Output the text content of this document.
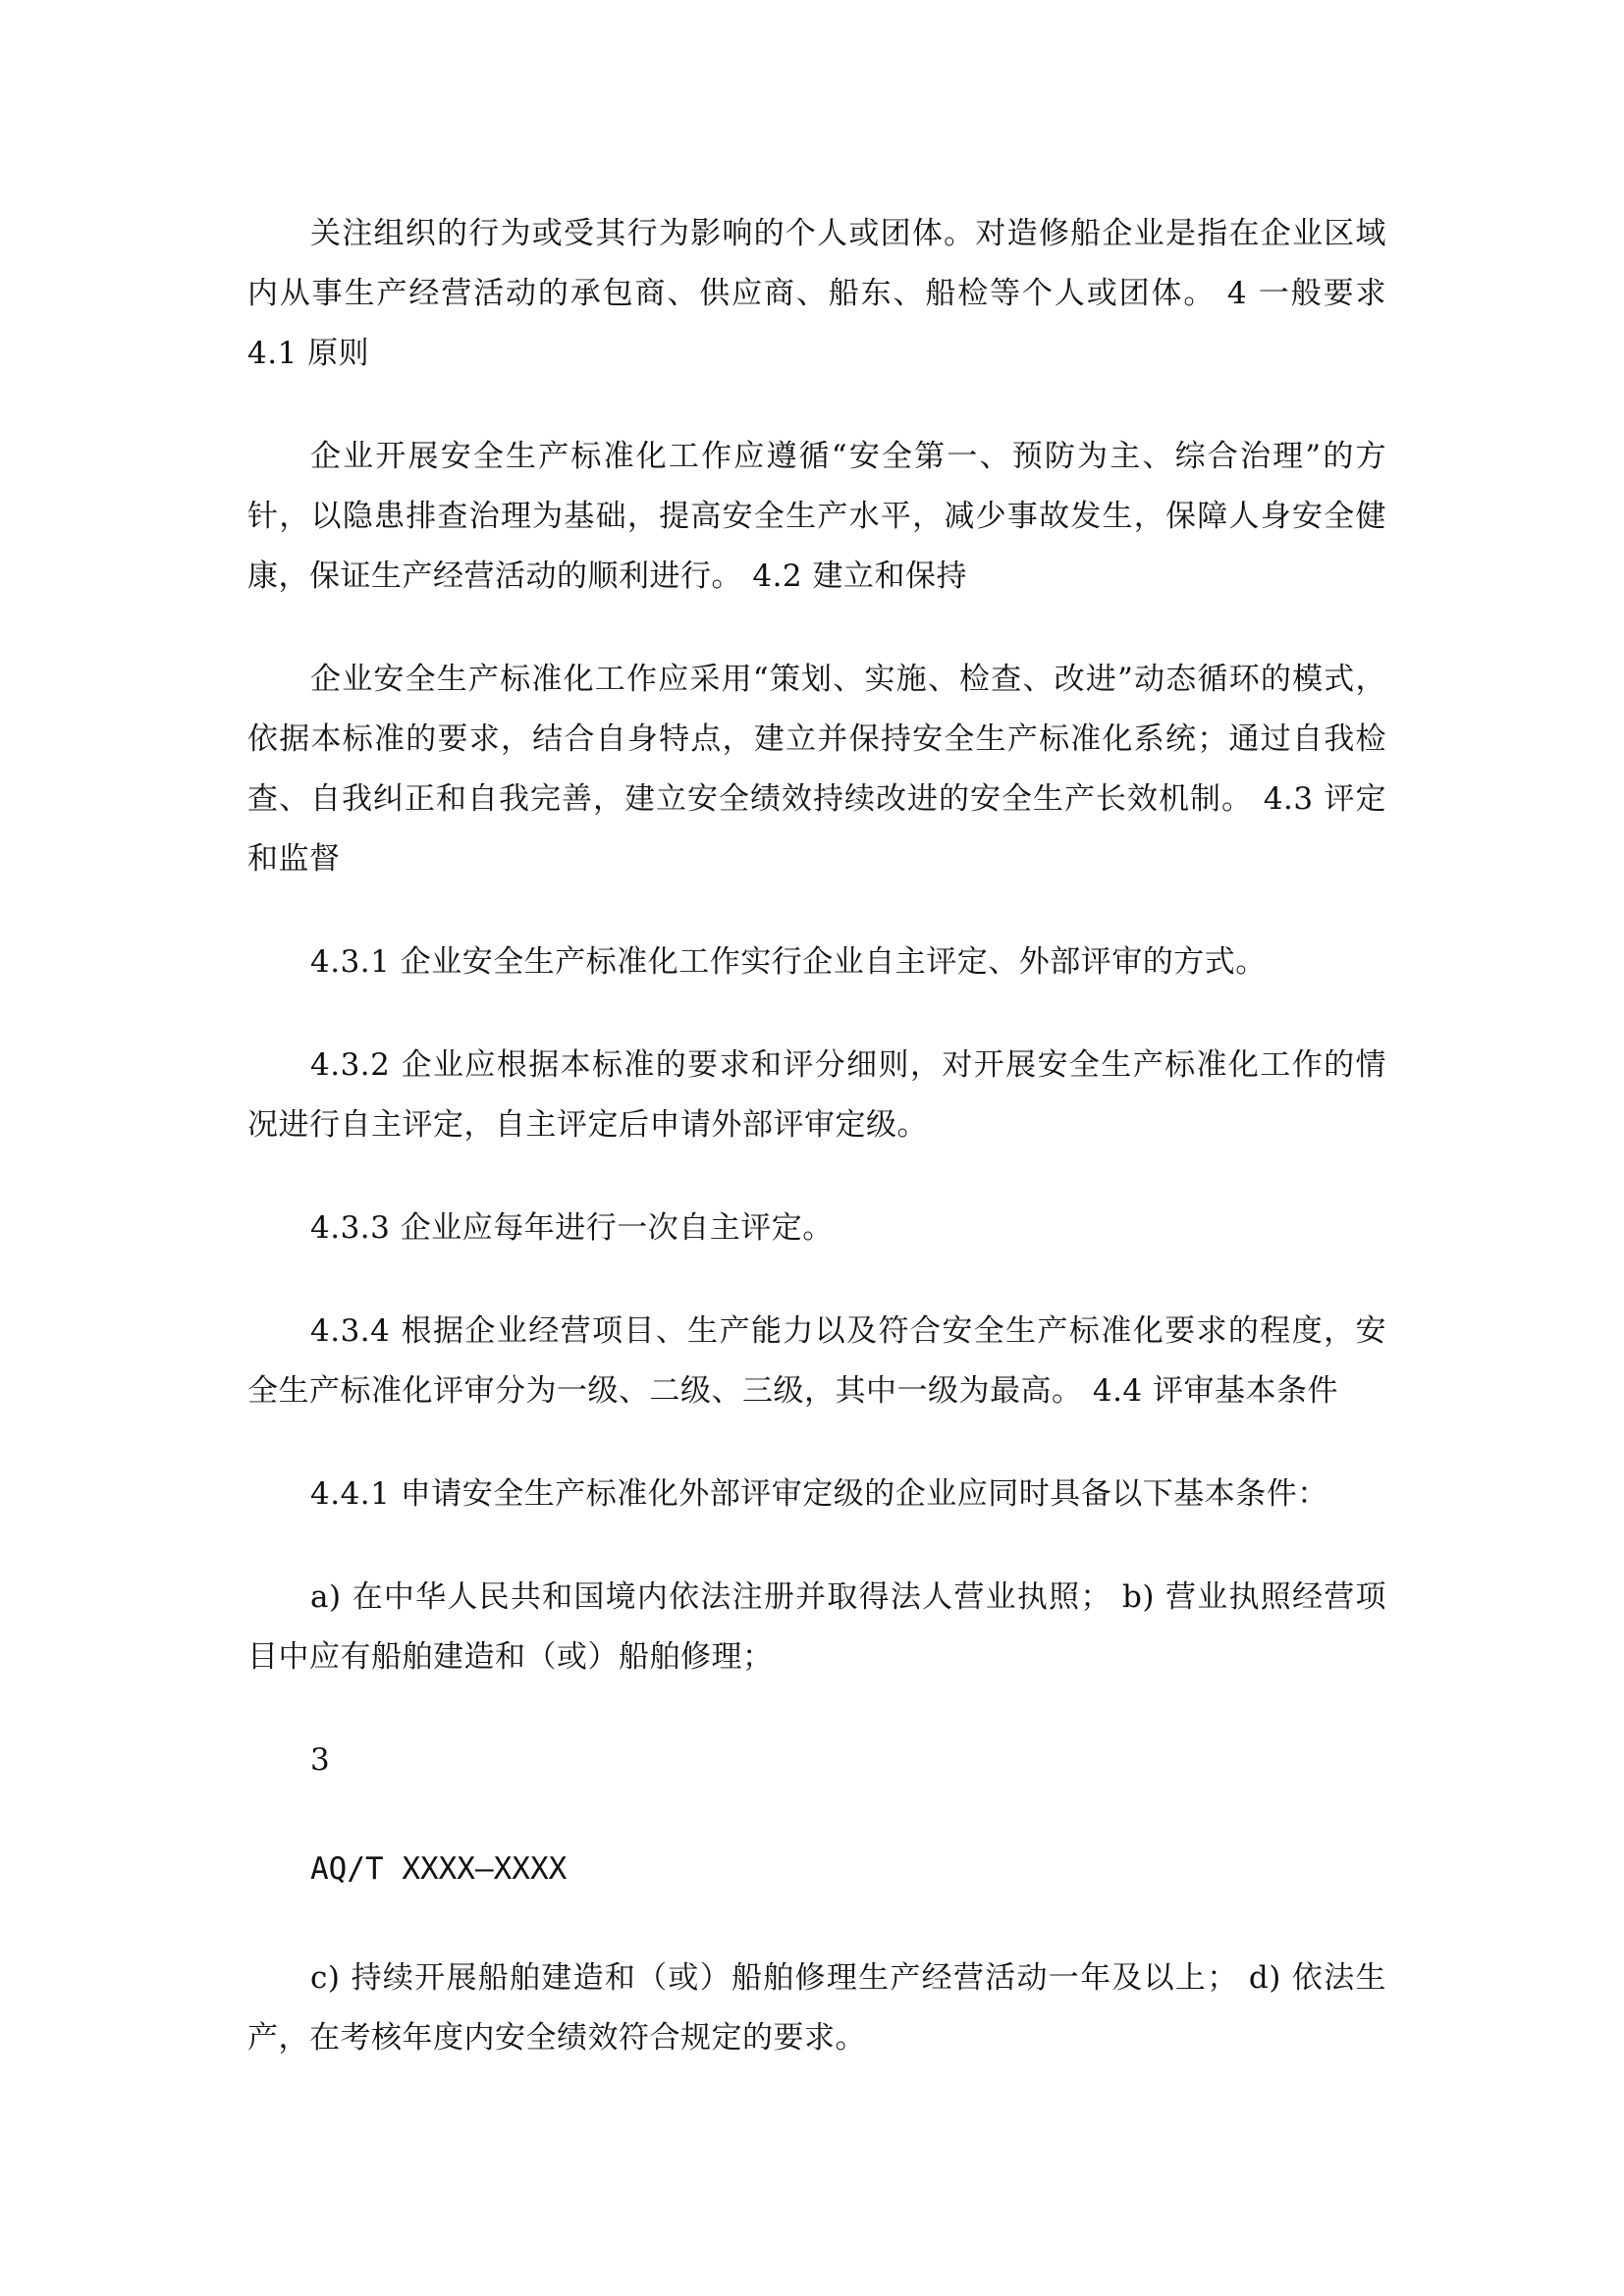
关注组织的行为或受其行为影响的个人或团体。对造修船企业是指在企业区域内从事生产经营活动的承包商、供应商、船东、船检等个人或团体。 4 一般要求 4.1 原则

企业开展安全生产标准化工作应遵循“安全第一、预防为主、综合治理”的方针，以隐患排查治理为基础，提高安全生产水平，减少事故发生，保障人身安全健康，保证生产经营活动的顺利进行。 4.2 建立和保持

企业安全生产标准化工作应采用“策划、实施、检查、改进”动态循环的模式，依据本标准的要求，结合自身特点，建立并保持安全生产标准化系统；通过自我检查、自我纠正和自我完善，建立安全绩效持续改进的安全生产长效机制。 4.3 评定和监督

4.3.1 企业安全生产标准化工作实行企业自主评定、外部评审的方式。

4.3.2 企业应根据本标准的要求和评分细则，对开展安全生产标准化工作的情况进行自主评定，自主评定后申请外部评审定级。

4.3.3 企业应每年进行一次自主评定。

4.3.4 根据企业经营项目、生产能力以及符合安全生产标准化要求的程度，安全生产标准化评审分为一级、二级、三级，其中一级为最高。 4.4 评审基本条件

4.4.1 申请安全生产标准化外部评审定级的企业应同时具备以下基本条件：

a) 在中华人民共和国境内依法注册并取得法人营业执照； b) 营业执照经营项目中应有船舶建造和（或）船舶修理；

3

AQ/T XXXX—XXXX

c) 持续开展船舶建造和（或）船舶修理生产经营活动一年及以上； d) 依法生产，在考核年度内安全绩效符合规定的要求。
